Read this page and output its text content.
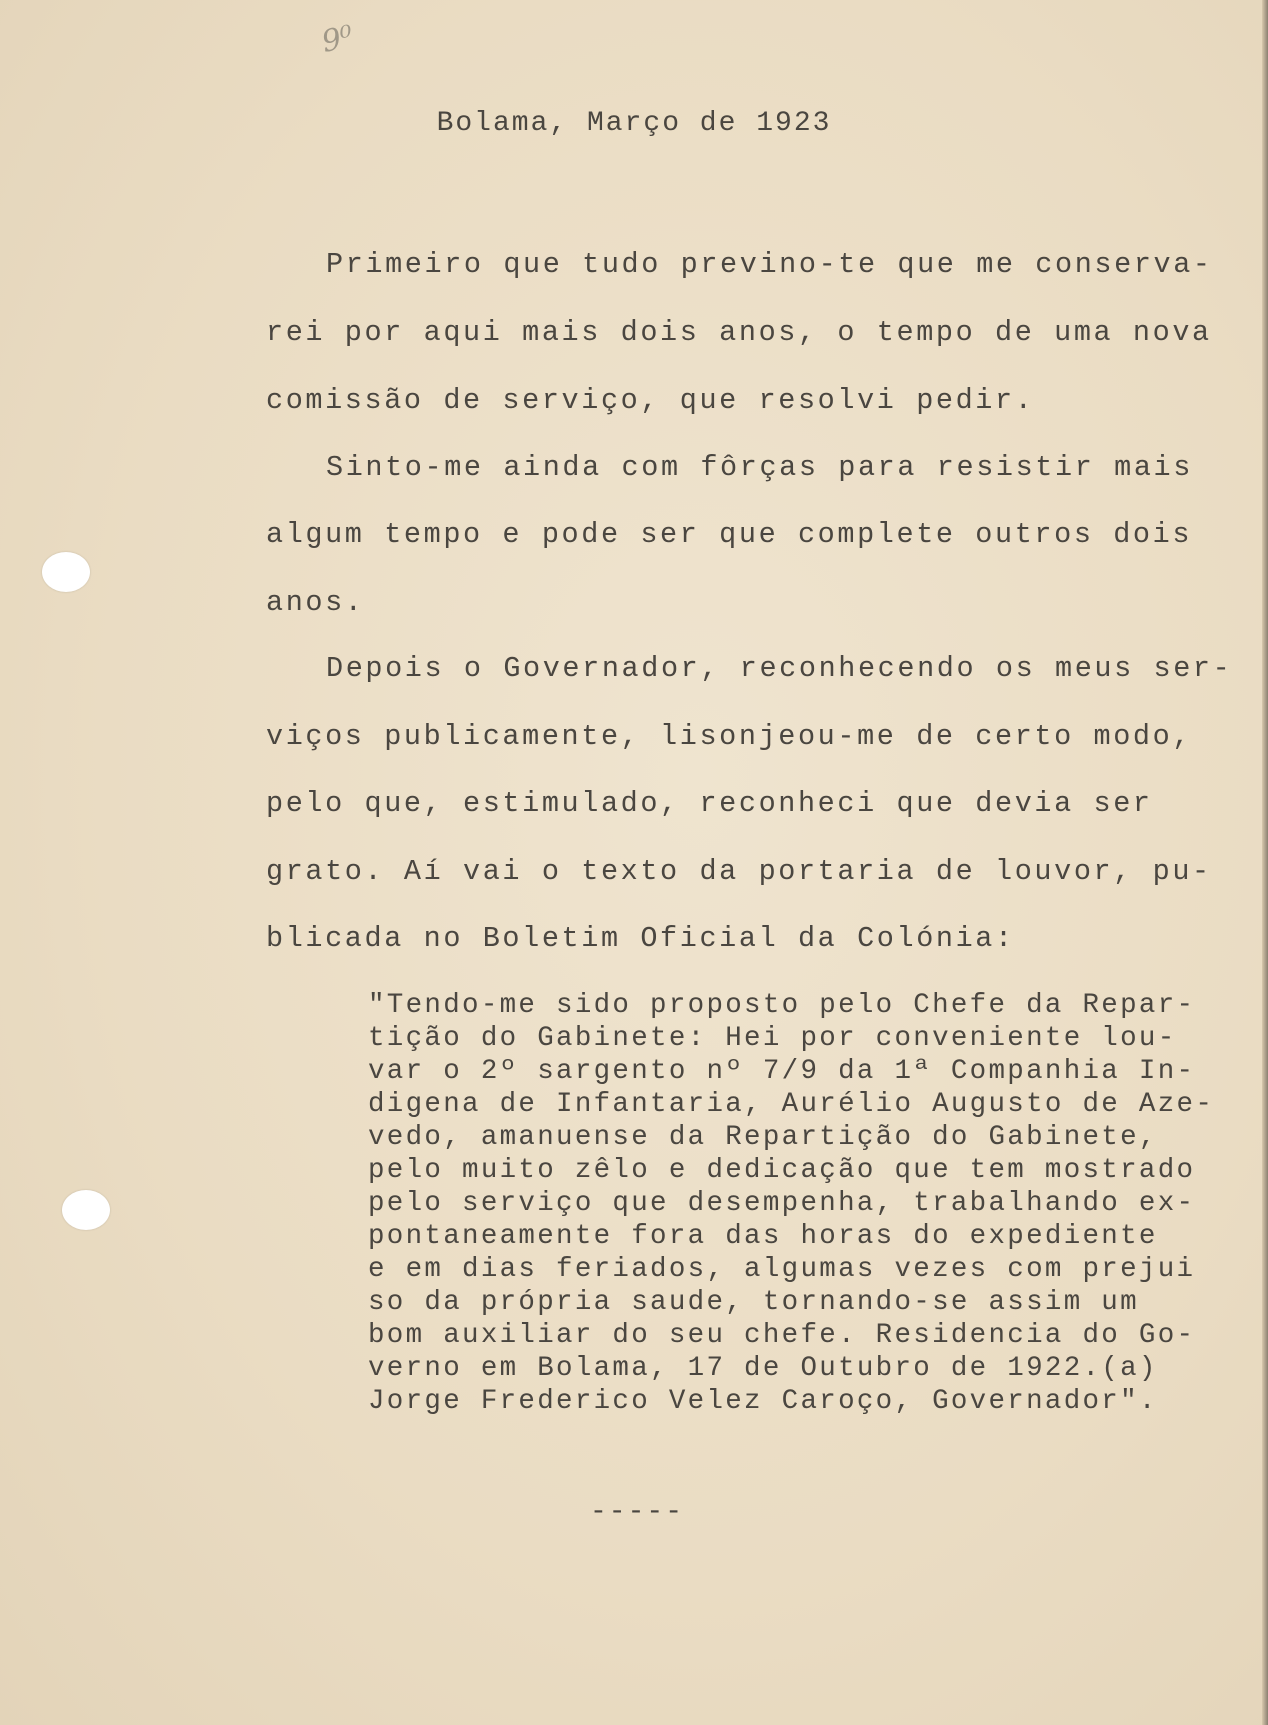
9⁰
Bolama, Março de 1923
Primeiro que tudo previno-te que me conserva-
rei por aqui mais dois anos, o tempo de uma nova
comissão de serviço, que resolvi pedir.
Sinto-me ainda com fôrças para resistir mais
algum tempo e pode ser que complete outros dois
anos.
Depois o Governador, reconhecendo os meus ser-
viços publicamente, lisonjeou-me de certo modo,
pelo que, estimulado, reconheci que devia ser
grato. Aí vai o texto da portaria de louvor, pu-
blicada no Boletim Oficial da Colónia:
"Tendo-me sido proposto pelo Chefe da Repar-
tição do Gabinete: Hei por conveniente lou-
var o 2º sargento nº 7/9 da 1ª Companhia In-
digena de Infantaria, Aurélio Augusto de Aze-
vedo, amanuense da Repartição do Gabinete,
pelo muito zêlo e dedicação que tem mostrado
pelo serviço que desempenha, trabalhando ex-
pontaneamente fora das horas do expediente
e em dias feriados, algumas vezes com prejui
so da própria saude, tornando-se assim um
bom auxiliar do seu chefe. Residencia do Go-
verno em Bolama, 17 de Outubro de 1922.(a)
Jorge Frederico Velez Caroço, Governador".
-----
